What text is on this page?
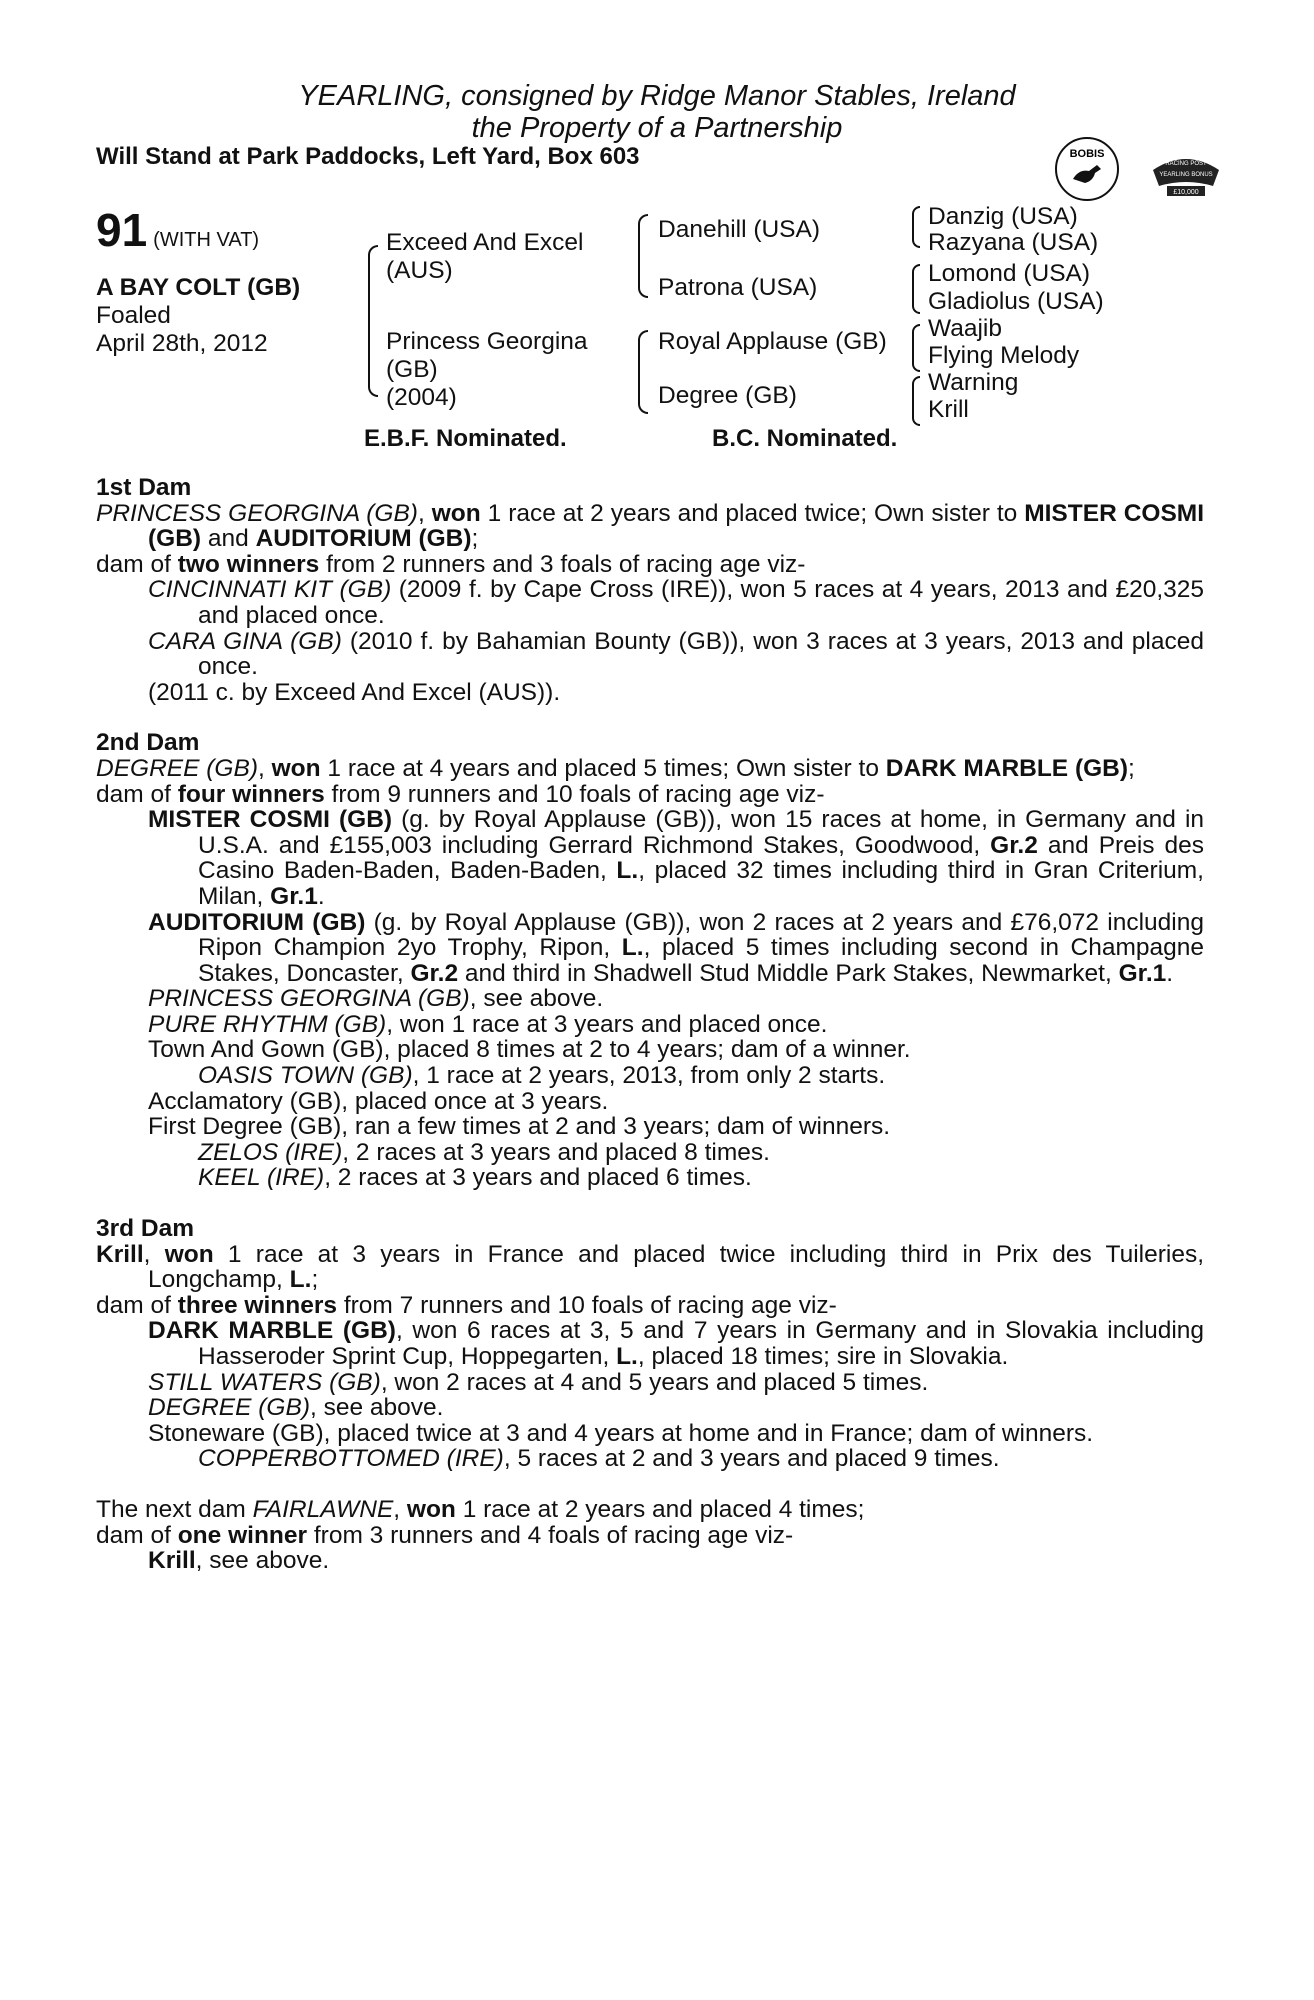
YEARLING, consigned by Ridge Manor Stables, Ireland
the Property of a Partnership
Will Stand at Park Paddocks, Left Yard, Box 603	BOBIS
RACING POST
YEARLING BONUS
£10,000
91 (WITH VAT)
A BAY COLT (GB)
Foaled
April 28th, 2012
Exceed And Excel
(AUS)
Princess Georgina
(GB)
(2004)
Danehill (USA)
Patrona (USA)
Royal Applause (GB)
Degree (GB)
Danzig (USA)
Razyana (USA)
Lomond (USA)
Gladiolus (USA)
Waajib
Flying Melody
Warning
Krill
E.B.F. Nominated.	B.C. Nominated.

1st Dam

PRINCESS GEORGINA (GB), won 1 race at 2 years and placed twice; Own sister to MISTER COSMI (GB) and AUDITORIUM (GB);

dam of two winners from 2 runners and 3 foals of racing age viz-

CINCINNATI KIT (GB) (2009 f. by Cape Cross (IRE)), won 5 races at 4 years, 2013 and £20,325 and placed once.

CARA GINA (GB) (2010 f. by Bahamian Bounty (GB)), won 3 races at 3 years, 2013 and placed once.

(2011 c. by Exceed And Excel (AUS)).

2nd Dam

DEGREE (GB), won 1 race at 4 years and placed 5 times; Own sister to DARK MARBLE (GB);

dam of four winners from 9 runners and 10 foals of racing age viz-

MISTER COSMI (GB) (g. by Royal Applause (GB)), won 15 races at home, in Germany and in U.S.A. and £155,003 including Gerrard Richmond Stakes, Goodwood, Gr.2 and Preis des Casino Baden-Baden, Baden-Baden, L., placed 32 times including third in Gran Criterium, Milan, Gr.1.

AUDITORIUM (GB) (g. by Royal Applause (GB)), won 2 races at 2 years and £76,072 including Ripon Champion 2yo Trophy, Ripon, L., placed 5 times including second in Champagne Stakes, Doncaster, Gr.2 and third in Shadwell Stud Middle Park Stakes, Newmarket, Gr.1.

PRINCESS GEORGINA (GB), see above.

PURE RHYTHM (GB), won 1 race at 3 years and placed once.

Town And Gown (GB), placed 8 times at 2 to 4 years; dam of a winner.

OASIS TOWN (GB), 1 race at 2 years, 2013, from only 2 starts.

Acclamatory (GB), placed once at 3 years.

First Degree (GB), ran a few times at 2 and 3 years; dam of winners.

ZELOS (IRE), 2 races at 3 years and placed 8 times.

KEEL (IRE), 2 races at 3 years and placed 6 times.

3rd Dam

Krill, won 1 race at 3 years in France and placed twice including third in Prix des Tuileries, Longchamp, L.;

dam of three winners from 7 runners and 10 foals of racing age viz-

DARK MARBLE (GB), won 6 races at 3, 5 and 7 years in Germany and in Slovakia including Hasseroder Sprint Cup, Hoppegarten, L., placed 18 times; sire in Slovakia.

STILL WATERS (GB), won 2 races at 4 and 5 years and placed 5 times.

DEGREE (GB), see above.

Stoneware (GB), placed twice at 3 and 4 years at home and in France; dam of winners.

COPPERBOTTOMED (IRE), 5 races at 2 and 3 years and placed 9 times.

The next dam FAIRLAWNE, won 1 race at 2 years and placed 4 times;

dam of one winner from 3 runners and 4 foals of racing age viz-

Krill, see above.
